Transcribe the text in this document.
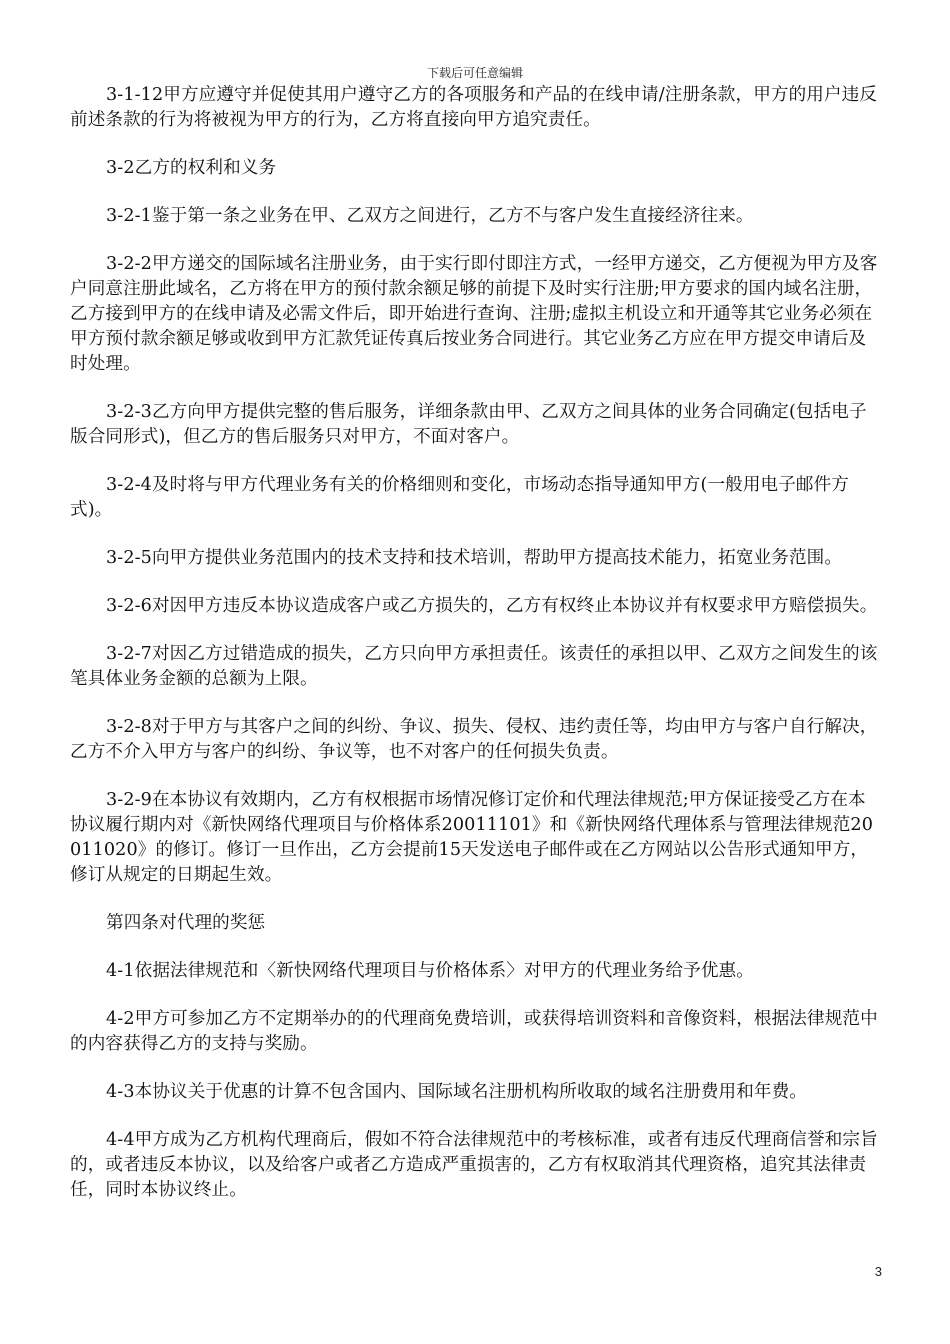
下载后可任意编辑

3-1-12甲方应遵守并促使其用户遵守乙方的各项服务和产品的在线申请/注册条款，甲方的用户违反前述条款的行为将被视为甲方的行为，乙方将直接向甲方追究责任。

3-2乙方的权利和义务

3-2-1鉴于第一条之业务在甲、乙双方之间进行，乙方不与客户发生直接经济往来。

3-2-2甲方递交的国际域名注册业务，由于实行即付即注方式，一经甲方递交，乙方便视为甲方及客户同意注册此域名，乙方将在甲方的预付款余额足够的前提下及时实行注册;甲方要求的国内域名注册，乙方接到甲方的在线申请及必需文件后，即开始进行查询、注册;虚拟主机设立和开通等其它业务必须在甲方预付款余额足够或收到甲方汇款凭证传真后按业务合同进行。其它业务乙方应在甲方提交申请后及时处理。

3-2-3乙方向甲方提供完整的售后服务，详细条款由甲、乙双方之间具体的业务合同确定(包括电子版合同形式)，但乙方的售后服务只对甲方，不面对客户。

3-2-4及时将与甲方代理业务有关的价格细则和变化，市场动态指导通知甲方(一般用电子邮件方式)。

3-2-5向甲方提供业务范围内的技术支持和技术培训，帮助甲方提高技术能力，拓宽业务范围。

3-2-6对因甲方违反本协议造成客户或乙方损失的，乙方有权终止本协议并有权要求甲方赔偿损失。

3-2-7对因乙方过错造成的损失，乙方只向甲方承担责任。该责任的承担以甲、乙双方之间发生的该笔具体业务金额的总额为上限。

3-2-8对于甲方与其客户之间的纠纷、争议、损失、侵权、违约责任等，均由甲方与客户自行解决，乙方不介入甲方与客户的纠纷、争议等，也不对客户的任何损失负责。

3-2-9在本协议有效期内，乙方有权根据市场情况修订定价和代理法律规范;甲方保证接受乙方在本协议履行期内对《新快网络代理项目与价格体系20011101》和《新快网络代理体系与管理法律规范20011020》的修订。修订一旦作出，乙方会提前15天发送电子邮件或在乙方网站以公告形式通知甲方，修订从规定的日期起生效。

第四条对代理的奖惩

4-1依据法律规范和〈新快网络代理项目与价格体系〉对甲方的代理业务给予优惠。

4-2甲方可参加乙方不定期举办的的代理商免费培训，或获得培训资料和音像资料，根据法律规范中的内容获得乙方的支持与奖励。

4-3本协议关于优惠的计算不包含国内、国际域名注册机构所收取的域名注册费用和年费。

4-4甲方成为乙方机构代理商后，假如不符合法律规范中的考核标准，或者有违反代理商信誉和宗旨的，或者违反本协议，以及给客户或者乙方造成严重损害的，乙方有权取消其代理资格，追究其法律责任，同时本协议终止。

3
